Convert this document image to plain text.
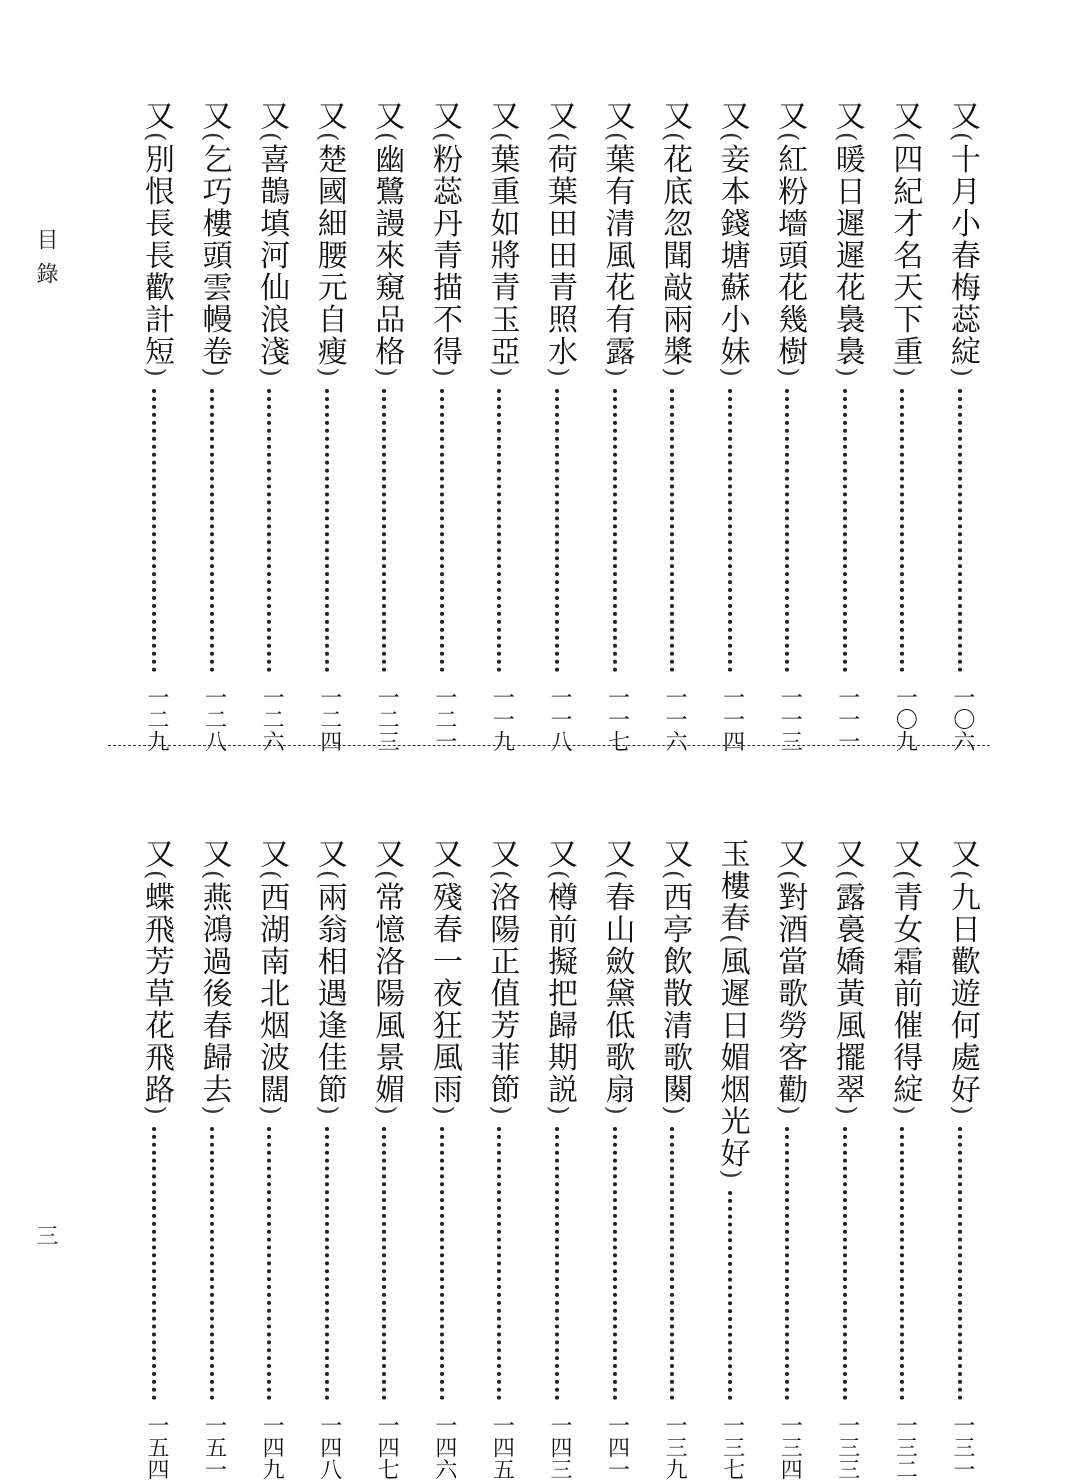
目錄
三
又(十月小春梅蕊綻)
一〇六
又(四紀才名天下重)
一〇九
又(暖日遲遲花裊裊)
一一一
又(紅粉墻頭花幾樹)
一一三
又(妾本錢塘蘇小妹)
一一四
又(花底忽聞敲兩槳)
一一六
又(葉有清風花有露)
一一七
又(荷葉田田青照水)
一一八
又(葉重如將青玉亞)
一一九
又(粉蕊丹青描不得)
一二一
又(幽鷺謾來窺品格)
一二三
又(楚國細腰元自瘦)
一二四
又(喜鵲填河仙浪淺)
一二六
又(乞巧樓頭雲幔卷)
一二八
又(別恨長長歡計短)
一二九
又(九日歡遊何處好)
一三一
又(青女霜前催得綻)
一三二
又(露裛嬌黃風擺翠)
一三三
又(對酒當歌勞客勸)
一三四
玉樓春(風遲日媚烟光好)
一三七
又(西亭飲散清歌闋)
一三九
又(春山斂黛低歌扇)
一四一
又(樽前擬把歸期説)
一四三
又(洛陽正值芳菲節)
一四五
又(殘春一夜狂風雨)
一四六
又(常憶洛陽風景媚)
一四七
又(兩翁相遇逢佳節)
一四八
又(西湖南北烟波闊)
一四九
又(燕鴻過後春歸去)
一五一
又(蝶飛芳草花飛路)
一五四
